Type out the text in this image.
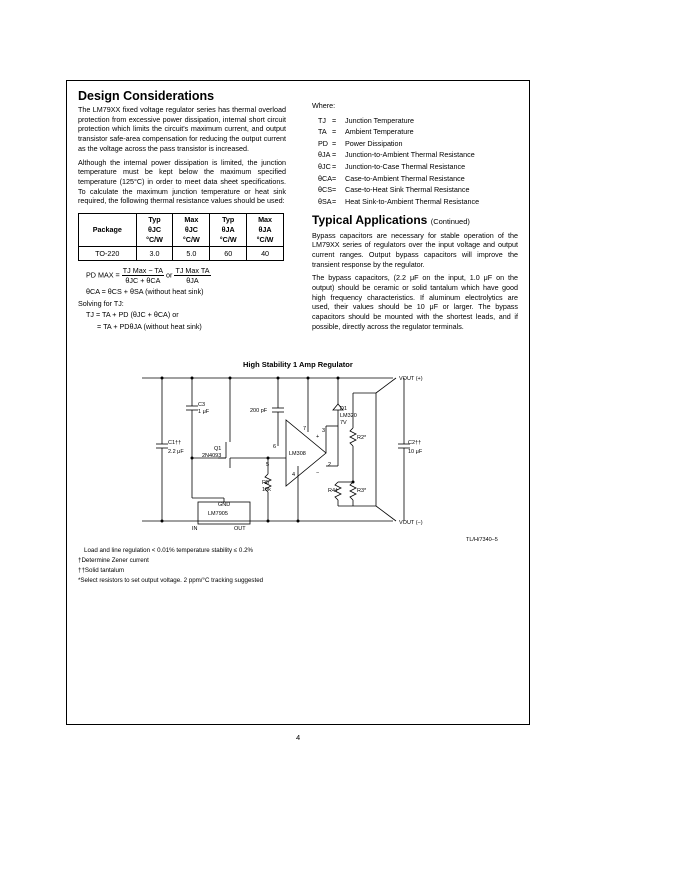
Design Considerations

The LM79XX fixed voltage regulator series has thermal overload protection from excessive power dissipation, internal short circuit protection which limits the circuit's maximum current, and output transistor safe-area compensation for reducing the output current as the voltage across the pass transistor is increased.

Although the internal power dissipation is limited, the junction temperature must be kept below the maximum specified temperature (125°C) in order to meet data sheet specifications. To calculate the maximum junction temperature or heat sink required, the following thermal resistance values should be used:

Package	Typ
θJC
°C/W	Max
θJC
°C/W	Typ
θJA
°C/W	Max
θJA
°C/W
TO-220	3.0	5.0	60	40
PD MAX = $\frac{\text{TJ Max − TA}}{\text{θJC + θCA}}$ or $\frac{\text{TJ Max TA}}{\text{θJA}}$
θCA = θCS + θSA (without heat sink)
Solving for TJ:
TJ = TA + PD (θJC + θCA) or
= TA + PDθJA (without heat sink)
Where:
TJ =	Junction Temperature
TA =	Ambient Temperature
PD =	Power Dissipation
θJA =	Junction-to-Ambient Thermal Resistance
θJC =	Junction-to-Case Thermal Resistance
θCA =	Case-to-Ambient Thermal Resistance
θCS =	Case-to-Heat Sink Thermal Resistance
θSA =	Heat Sink-to-Ambient Thermal Resistance
Typical Applications (Continued)

Bypass capacitors are necessary for stable operation of the LM79XX series of regulators over the input voltage and output current ranges. Output bypass capacitors will improve the transient response by the regulator.

The bypass capacitors, (2.2 μF on the input, 1.0 μF on the output) should be ceramic or solid tantalum which have good high frequency characteristics. If aluminum electrolytics are used, their values should be 10 μF or larger. The bypass capacitors should be mounted with the shortest leads, and if possible, directly across the regulator terminals.

High Stability 1 Amp Regulator
VOUT (+)
VOUT (−)
C1††
2.2 μF
C3
1 μF
Q1
2N4093
200 pF	D1
LM320
7V
R2*
C2††
10 μF
LM308
R5
10k	R4†	R3*
GND
LM7905
IN	OUT
2
3
4
5
6
7
+
−
TL/H/7340–5
Load and line regulation < 0.01% temperature stability ≤ 0.2%
†Determine Zener current
††Solid tantalum
*Select resistors to set output voltage. 2 ppm/°C tracking suggested
4
